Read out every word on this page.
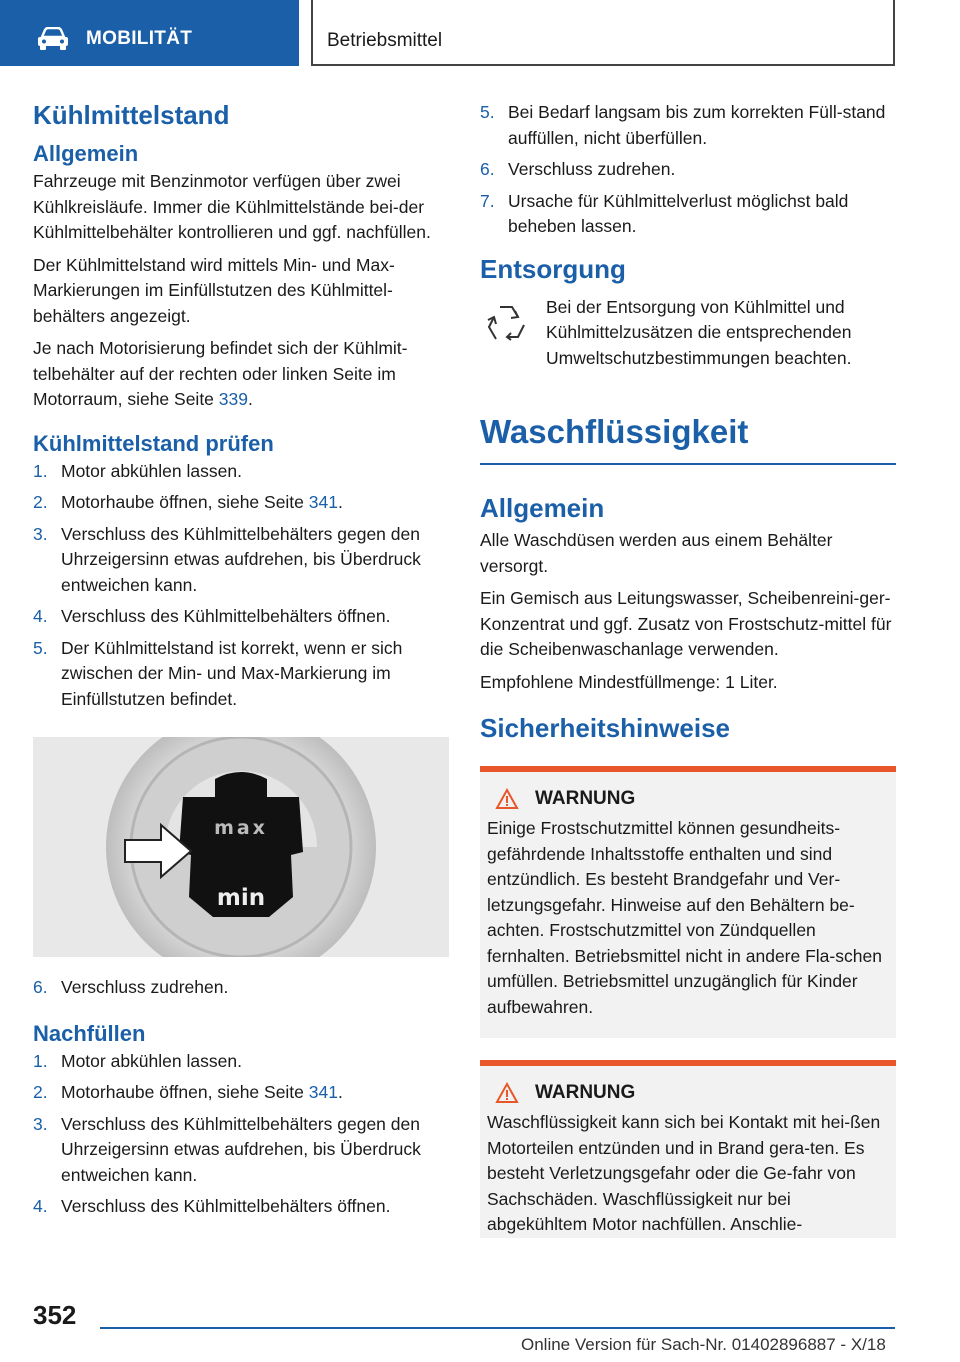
MOBILITÄT	Betriebsmittel
Kühlmittelstand
Allgemein

Fahrzeuge mit Benzinmotor verfügen über zwei Kühlkreisläufe. Immer die Kühlmittelstände bei-der Kühlmittelbehälter kontrollieren und ggf. nachfüllen.

Der Kühlmittelstand wird mittels Min- und Max-Markierungen im Einfüllstutzen des Kühlmittel-behälters angezeigt.

Je nach Motorisierung befindet sich der Kühlmit-telbehälter auf der rechten oder linken Seite im Motorraum, siehe Seite 339.

Kühlmittelstand prüfen
1. Motor abkühlen lassen.
2. Motorhaube öffnen, siehe Seite 341.
3. Verschluss des Kühlmittelbehälters gegen den Uhrzeigersinn etwas aufdrehen, bis Überdruck entweichen kann.
4. Verschluss des Kühlmittelbehälters öffnen.
5. Der Kühlmittelstand ist korrekt, wenn er sich zwischen der Min- und Max-Markierung im Einfüllstutzen befindet.
max
min
6. Verschluss zudrehen.
Nachfüllen
1. Motor abkühlen lassen.
2. Motorhaube öffnen, siehe Seite 341.
3. Verschluss des Kühlmittelbehälters gegen den Uhrzeigersinn etwas aufdrehen, bis Überdruck entweichen kann.
4. Verschluss des Kühlmittelbehälters öffnen.
5. Bei Bedarf langsam bis zum korrekten Füll-stand auffüllen, nicht überfüllen.
6. Verschluss zudrehen.
7. Ursache für Kühlmittelverlust möglichst bald beheben lassen.
Entsorgung

Bei der Entsorgung von Kühlmittel und Kühlmittelzusätzen die entsprechenden Umweltschutzbestimmungen beachten.

Waschflüssigkeit
Allgemein

Alle Waschdüsen werden aus einem Behälter versorgt.

Ein Gemisch aus Leitungswasser, Scheibenreini-ger-Konzentrat und ggf. Zusatz von Frostschutz-mittel für die Scheibenwaschanlage verwenden.

Empfohlene Mindestfüllmenge: 1 Liter.

Sicherheitshinweise
WARNUNG

Einige Frostschutzmittel können gesundheits-gefährdende Inhaltsstoffe enthalten und sind entzündlich. Es besteht Brandgefahr und Ver-letzungsgefahr. Hinweise auf den Behältern be-achten. Frostschutzmittel von Zündquellen fernhalten. Betriebsmittel nicht in andere Fla-schen umfüllen. Betriebsmittel unzugänglich für Kinder aufbewahren.

WARNUNG

Waschflüssigkeit kann sich bei Kontakt mit hei-ßen Motorteilen entzünden und in Brand gera-ten. Es besteht Verletzungsgefahr oder die Ge-fahr von Sachschäden. Waschflüssigkeit nur bei abgekühltem Motor nachfüllen. Anschlie-

352
Online Version für Sach-Nr. 01402896887 - X/18
